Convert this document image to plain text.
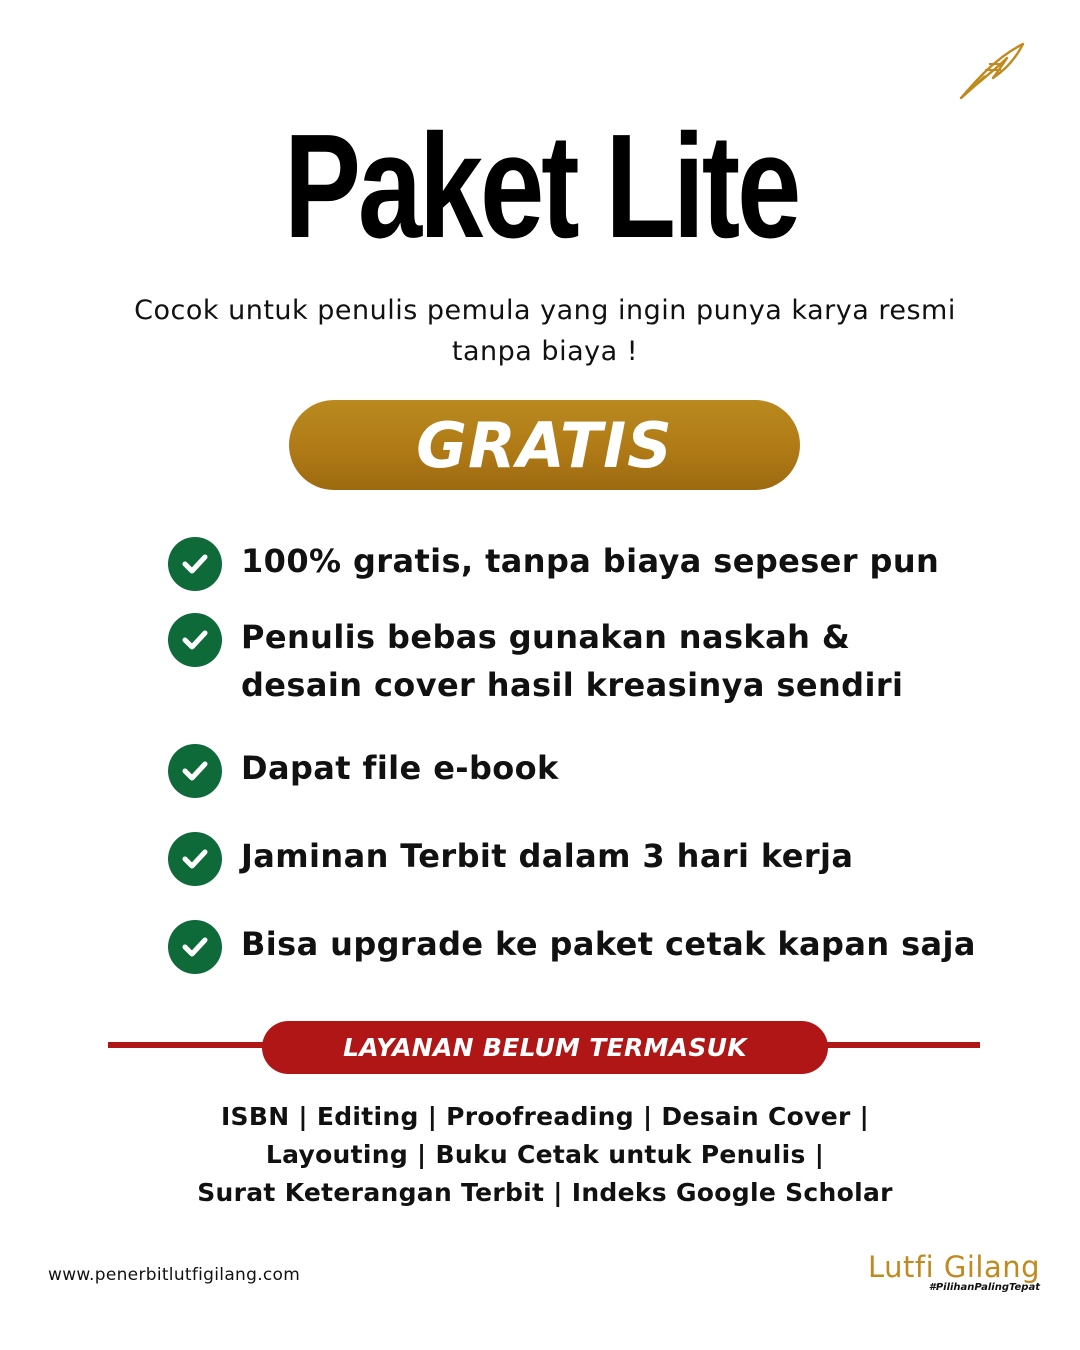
Paket Lite

Cocok untuk penulis pemula yang ingin punya karya resmi tanpa biaya !

GRATIS
100% gratis, tanpa biaya sepeser pun
Penulis bebas gunakan naskah &
desain cover hasil kreasinya sendiri
Dapat file e-book
Jaminan Terbit dalam 3 hari kerja
Bisa upgrade ke paket cetak kapan saja
LAYANAN BELUM TERMASUK
ISBN | Editing | Proofreading | Desain Cover |
Layouting | Buku Cetak untuk Penulis |
Surat Keterangan Terbit | Indeks Google Scholar
www.penerbitlutfigilang.com	Lutfi Gilang
#PilihanPalingTepat
